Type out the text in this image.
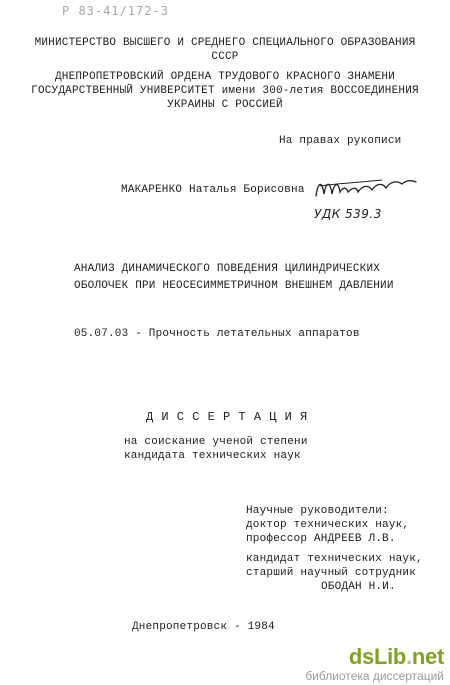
Р 83-41/172-3
МИНИСТЕРСТВО ВЫСШЕГО И СРЕДНЕГО СПЕЦИАЛЬНОГО ОБРАЗОВАНИЯ
СССР
ДНЕПРОПЕТРОВСКИЙ ОРДЕНА ТРУДОВОГО КРАСНОГО ЗНАМЕНИ
ГОСУДАРСТВЕННЫЙ УНИВЕРСИТЕТ имени 300-летия ВОССОЕДИНЕНИЯ
УКРАИНЫ С РОССИЕЙ
На правах рукописи
МАКАРЕНКО Наталья Борисовна
УДК 539.3
АНАЛИЗ ДИНАМИЧЕСКОГО ПОВЕДЕНИЯ ЦИЛИНДРИЧЕСКИХ
ОБОЛОЧЕК ПРИ НЕОСЕСИММЕТРИЧНОМ ВНЕШНЕМ ДАВЛЕНИИ
05.07.03 - Прочность летательных аппаратов
Д И С С Е Р Т А Ц И Я
на соискание ученой степени
кандидата технических наук
Научные руководители:
доктор технических наук,
профессор АНДРЕЕВ Л.В.
кандидат технических наук,
старший научный сотрудник
ОБОДАН Н.И.
Днепропетровск - 1984
dsLib.net
библиотека диссертаций
